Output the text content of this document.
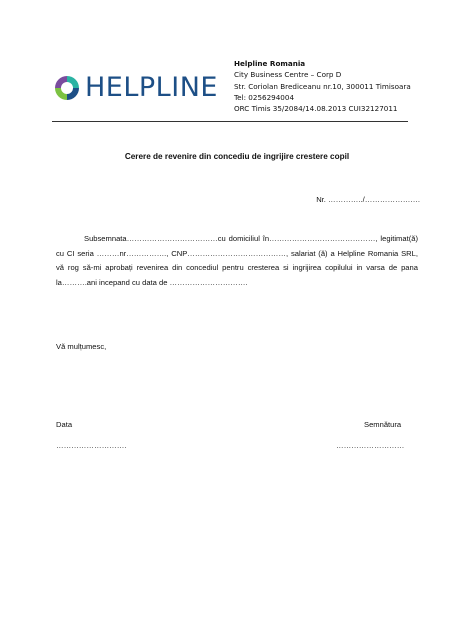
HELPLINE
Helpline Romania
City Business Centre – Corp D
Str. Coriolan Brediceanu nr.10, 300011 Timisoara
Tel: 0256294004
ORC Timis 35/2084/14.08.2013 CUI32127011
Cerere de revenire din concediu de ingrijire crestere copil
Nr. …………../………………….
Subsemnata………………………………cu domiciliul în……………………………………, legitimat(ă) cu CI seria ………nr……………., CNP…………………………………, salariat (ă) a Helpline Romania SRL, vă rog să-mi aprobați revenirea din concediul pentru cresterea si ingrijirea copilului in varsa de pana la……….ani incepand cu data de ………………………….
Vă mulțumesc,
Data	Semnătura
……………………….	………………………
